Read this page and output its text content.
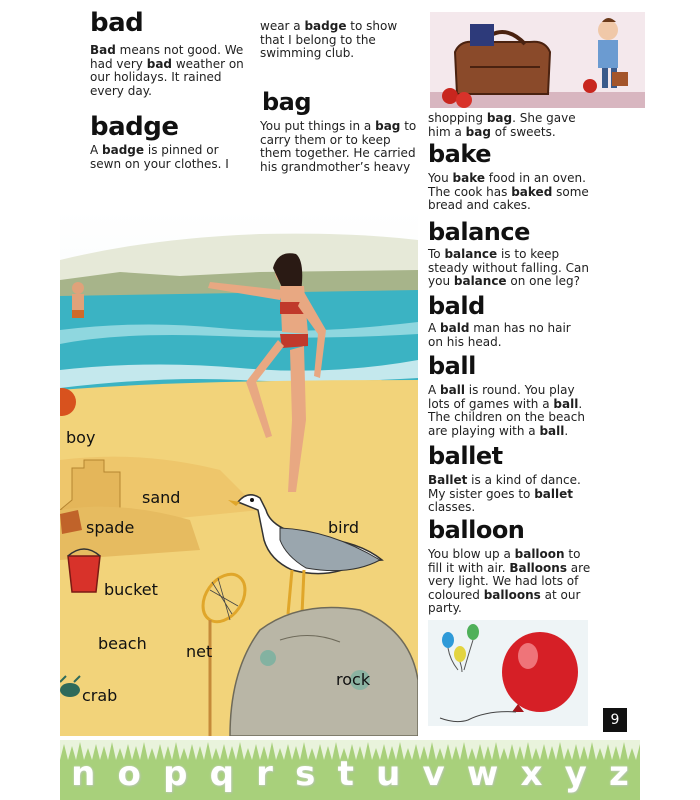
bad
Bad means not good. We had very bad weather on our holidays. It rained every day.
badge
A badge is pinned or sewn on your clothes. I
wear a badge to show that I belong to the swimming club.
bag
You put things in a bag to carry them or to keep them together. He carried his grandmother’s heavy
shopping bag. She gave him a bag of sweets.
bake
You bake food in an oven. The cook has baked some bread and cakes.
balance
To balance is to keep steady without falling. Can you balance on one leg?
bald
A bald man has no hair on his head.
ball
A ball is round. You play lots of games with a ball. The children on the beach are playing with a ball.
ballet
Ballet is a kind of dance. My sister goes to ballet classes.
balloon
You blow up a balloon to fill it with air. Balloons are very light. We had lots of coloured balloons at our party.
boy
sand
spade	bird
bucket
beach net
rock
crab
9
n o p q r s t u v w x y z
